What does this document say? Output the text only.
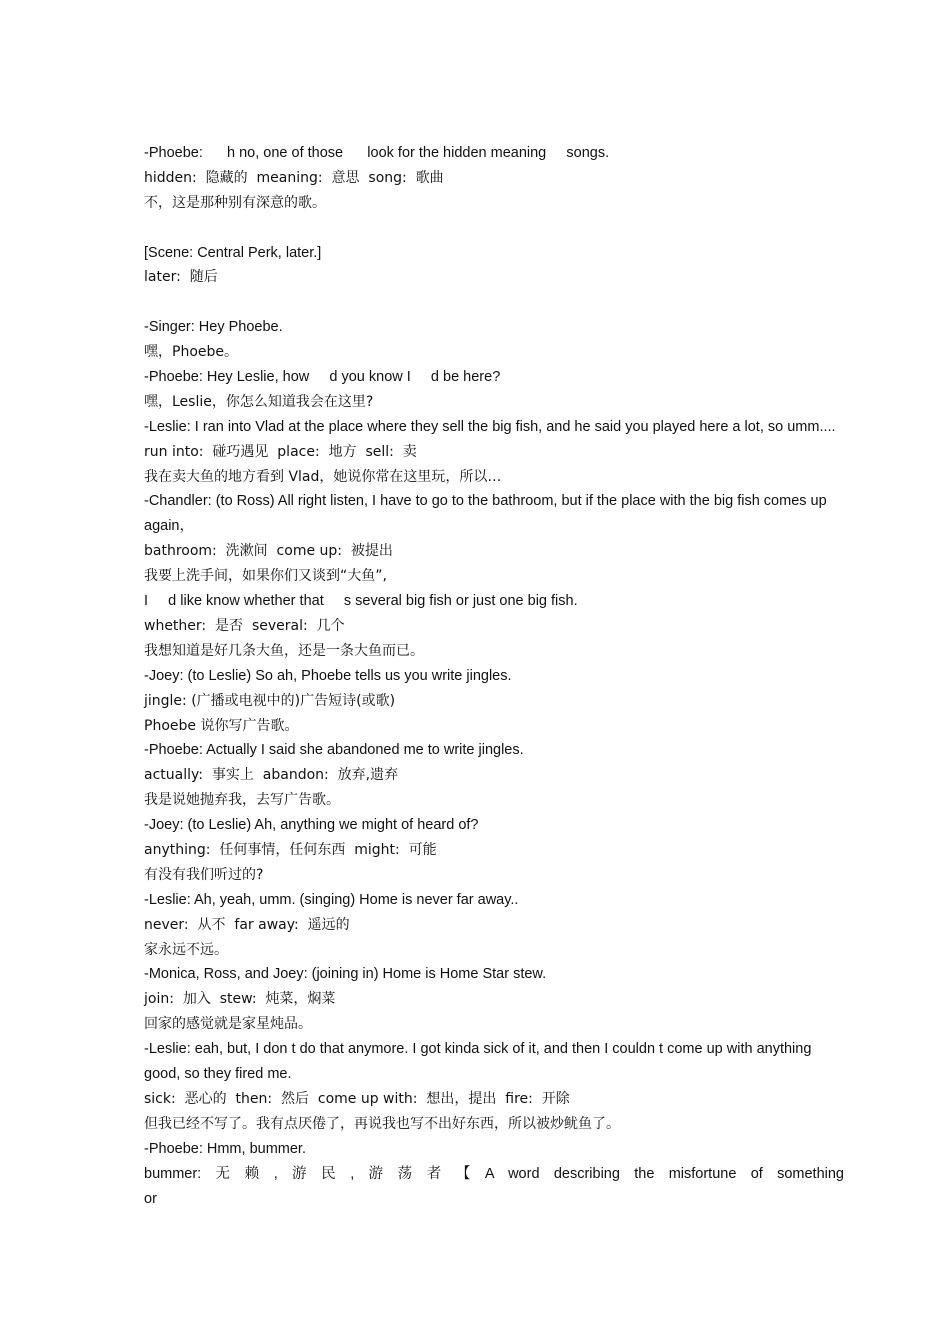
-Phoebe:      h no, one of those      look for the hidden meaning     songs.

hidden:  隐藏的  meaning:  意思  song:  歌曲

不，这是那种别有深意的歌。

[Scene: Central Perk, later.]

later:  随后

-Singer: Hey Phoebe.

嘿，Phoebe。

-Phoebe: Hey Leslie, how     d you know I     d be here?

嘿，Leslie，你怎么知道我会在这里?

-Leslie: I ran into Vlad at the place where they sell the big fish, and he said you played here a lot, so umm....

run into:  碰巧遇见  place:  地方  sell:  卖

我在卖大鱼的地方看到 Vlad，她说你常在这里玩，所以…

-Chandler: (to Ross) All right listen, I have to go to the bathroom, but if the place with the big fish comes up again，

bathroom:  洗漱间  come up:  被提出

我要上洗手间，如果你们又谈到“大鱼”,

I     d like know whether that     s several big fish or just one big fish.

whether:  是否  several:  几个

我想知道是好几条大鱼，还是一条大鱼而已。

-Joey: (to Leslie) So ah, Phoebe tells us you write jingles.

jingle: (广播或电视中的)广告短诗(或歌)

Phoebe 说你写广告歌。

-Phoebe: Actually I said she abandoned me to write jingles.

actually:  事实上  abandon:  放弃,遗弃

我是说她抛弃我，去写广告歌。

-Joey: (to Leslie) Ah, anything we might of heard of?

anything:  任何事情，任何东西  might:  可能

有没有我们听过的?

-Leslie: Ah, yeah, umm. (singing) Home is never far away..

never:  从不  far away:  遥远的

家永远不远。

-Monica, Ross, and Joey: (joining in) Home is Home Star stew.

join:  加入  stew:  炖菜，焖菜

回家的感觉就是家星炖品。

-Leslie: eah, but, I don t do that anymore. I got kinda sick of it, and then I couldn t come up with anything good, so they fired me.

sick:  恶心的  then:  然后  come up with:  想出，提出  fire:  开除

但我已经不写了。我有点厌倦了，再说我也写不出好东西，所以被炒鱿鱼了。

-Phoebe: Hmm, bummer.

bummer: 无 赖 , 游 民 , 游 荡 者 【 A word describing the misfortune of something or
